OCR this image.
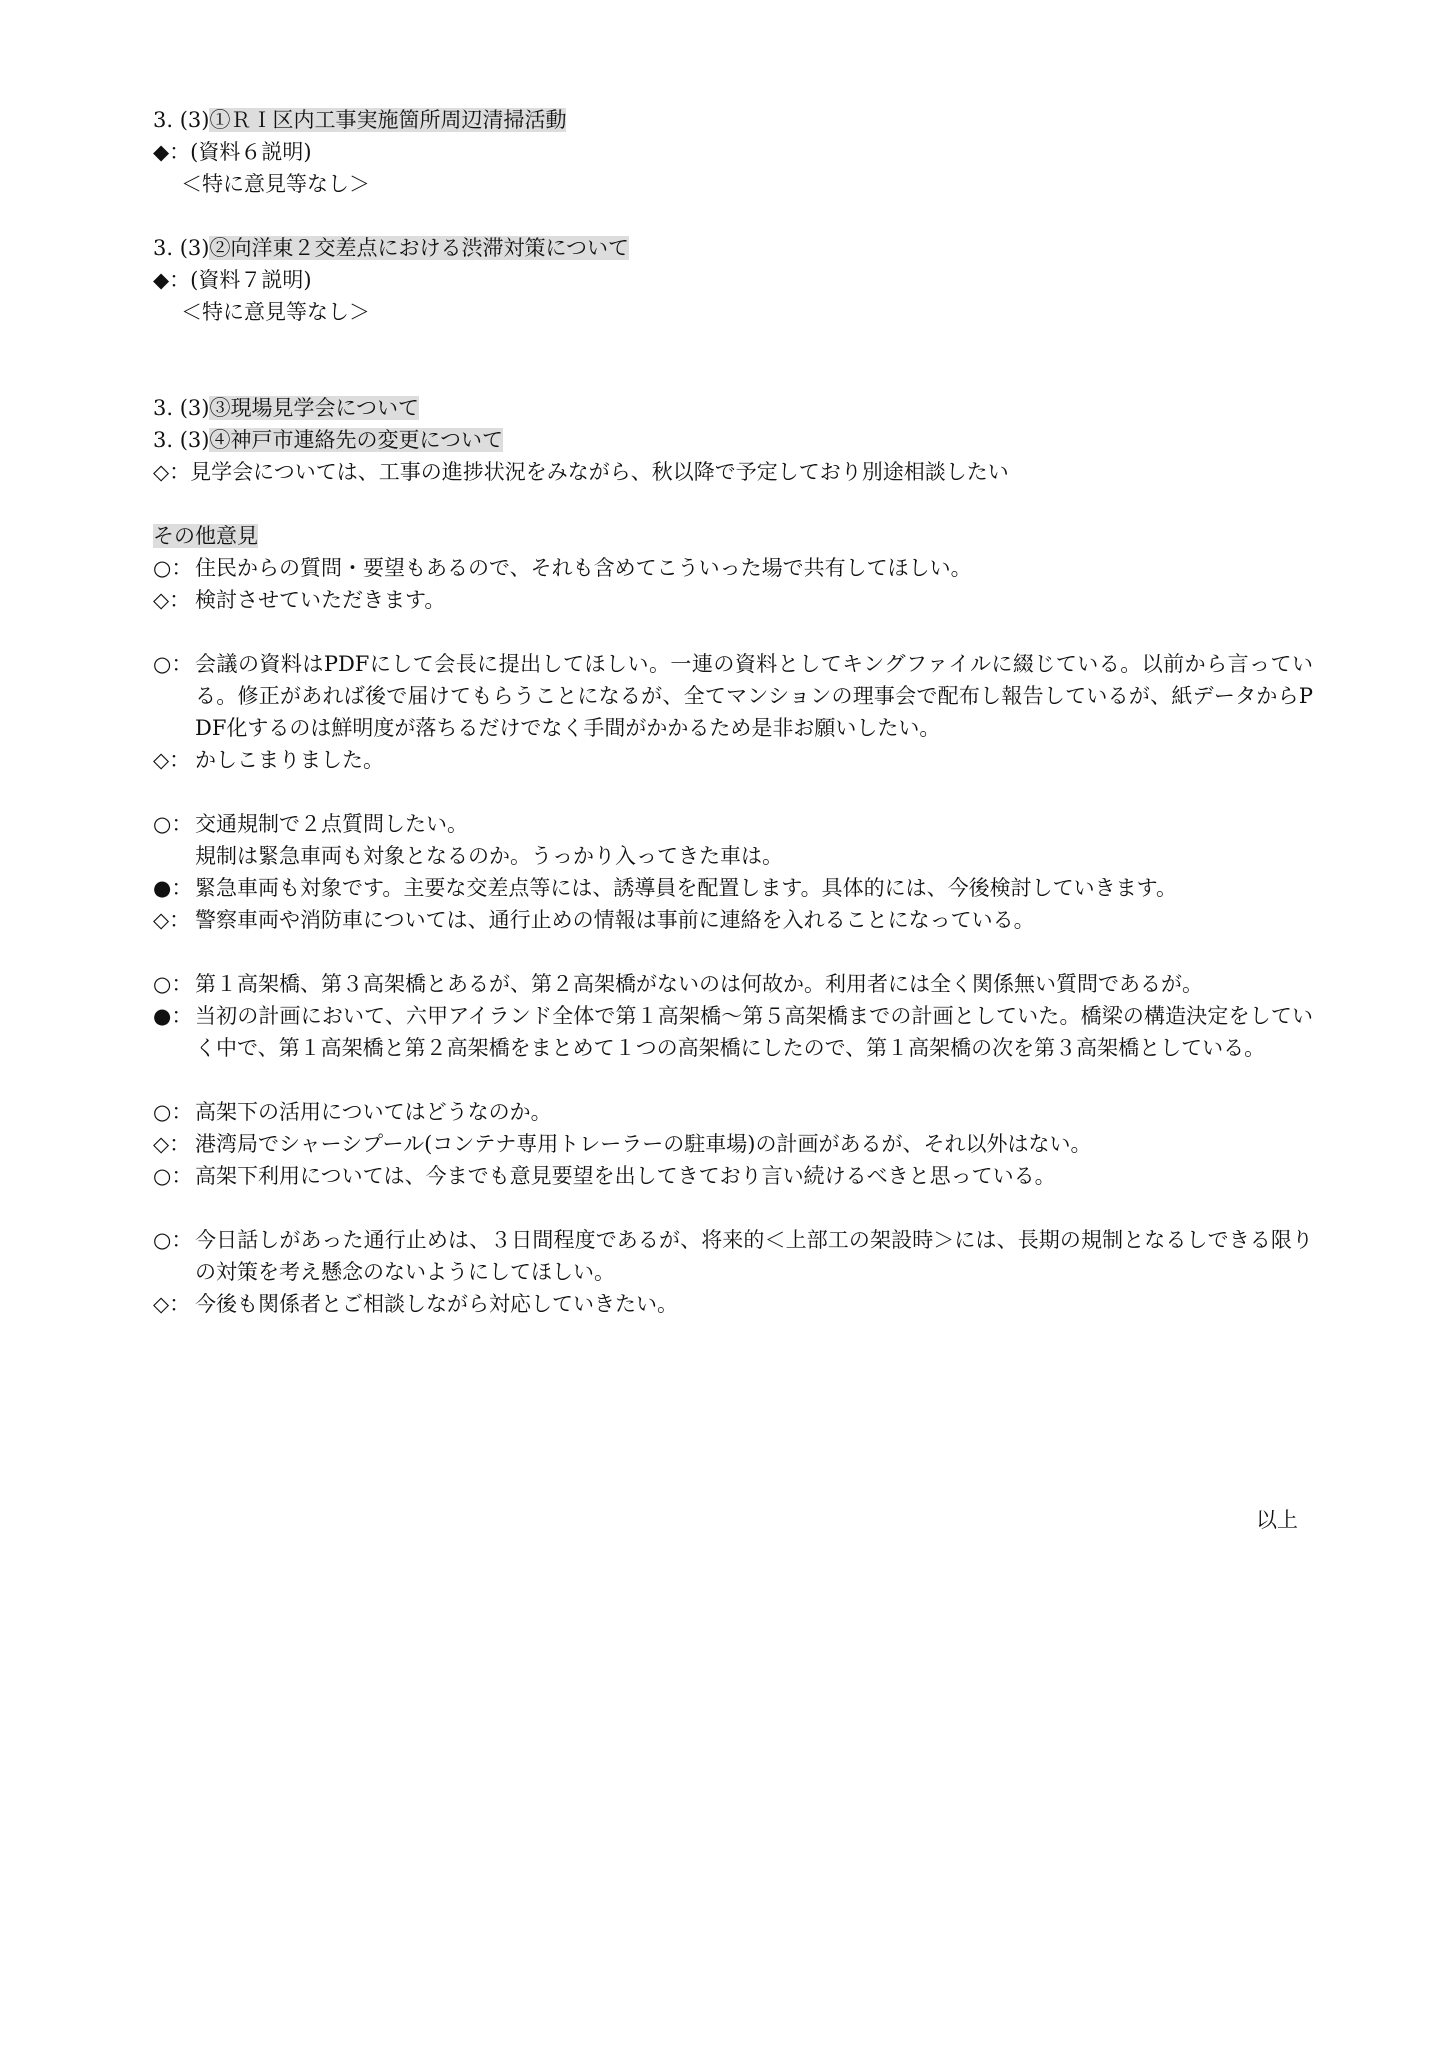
3. (3)①ＲＩ区内工事実施箇所周辺清掃活動
◆：(資料６説明)
＜特に意見等なし＞
3. (3)②向洋東２交差点における渋滞対策について
◆：(資料７説明)
＜特に意見等なし＞
3. (3)③現場見学会について
3. (3)④神戸市連絡先の変更について
◇：見学会については、工事の進捗状況をみながら、秋以降で予定しており別途相談したい
その他意見
○： 住民からの質問・要望もあるので、それも含めてこういった場で共有してほしい。
◇： 検討させていただきます。
○： 会議の資料はPDFにして会長に提出してほしい。一連の資料としてキングファイルに綴じている。以前から言っている。修正があれば後で届けてもらうことになるが、全てマンションの理事会で配布し報告しているが、紙データからPDF化するのは鮮明度が落ちるだけでなく手間がかかるため是非お願いしたい。
◇： かしこまりました。
○： 交通規制で２点質問したい。
規制は緊急車両も対象となるのか。うっかり入ってきた車は。
●： 緊急車両も対象です。主要な交差点等には、誘導員を配置します。具体的には、今後検討していきます。
◇： 警察車両や消防車については、通行止めの情報は事前に連絡を入れることになっている。
○： 第１高架橋、第３高架橋とあるが、第２高架橋がないのは何故か。利用者には全く関係無い質問であるが。
●： 当初の計画において、六甲アイランド全体で第１高架橋～第５高架橋までの計画としていた。橋梁の構造決定をしていく中で、第１高架橋と第２高架橋をまとめて１つの高架橋にしたので、第１高架橋の次を第３高架橋としている。
○： 高架下の活用についてはどうなのか。
◇： 港湾局でシャーシプール(コンテナ専用トレーラーの駐車場)の計画があるが、それ以外はない。
○： 高架下利用については、今までも意見要望を出してきており言い続けるべきと思っている。
○： 今日話しがあった通行止めは、３日間程度であるが、将来的＜上部工の架設時＞には、長期の規制となるしできる限りの対策を考え懸念のないようにしてほしい。
◇： 今後も関係者とご相談しながら対応していきたい。
以上
